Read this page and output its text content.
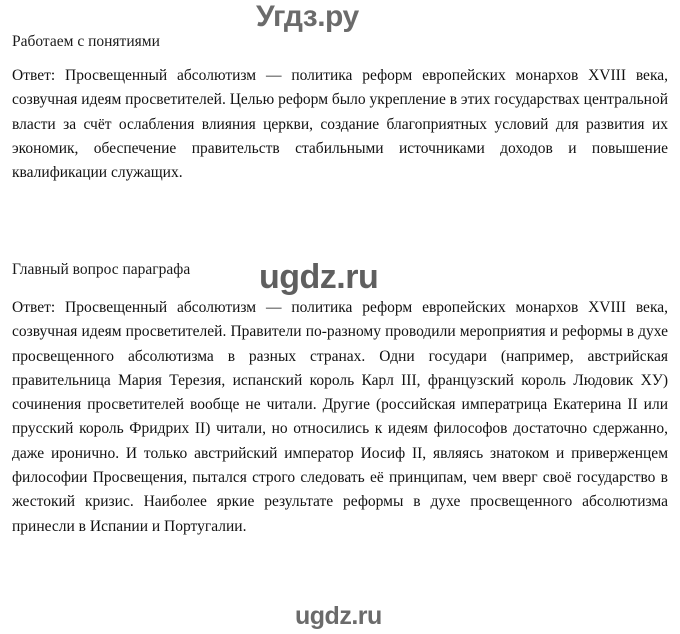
Угдз.ру
Работаем с понятиями
Ответ: Просвещенный абсолютизм — политика реформ европейских монархов XVIII века, созвучная идеям просветителей. Целью реформ было укрепление в этих государствах центральной власти за счёт ослабления влияния церкви, создание благоприятных условий для развития их экономик, обеспечение правительств стабильными источниками доходов и повышение квалификации служащих.
Главный вопрос параграфа
Ответ: Просвещенный абсолютизм — политика реформ европейских монархов XVIII века, созвучная идеям просветителей. Правители по-разному проводили мероприятия и реформы в духе просвещенного абсолютизма в разных странах. Одни государи (например, австрийская правительница Мария Терезия, испанский король Карл III, французский король Людовик ХУ) сочинения просветителей вообще не читали. Другие (российская императрица Екатерина II или прусский король Фридрих II) читали, но относились к идеям философов достаточно сдержанно, даже иронично. И только австрийский император Иосиф II, являясь знатоком и приверженцем философии Просвещения, пытался строго следовать её принципам, чем вверг своё государство в жестокий кризис. Наиболее яркие результате реформы в духе просвещенного абсолютизма принесли в Испании и Португалии.
ugdz.ru
ugdz.ru
